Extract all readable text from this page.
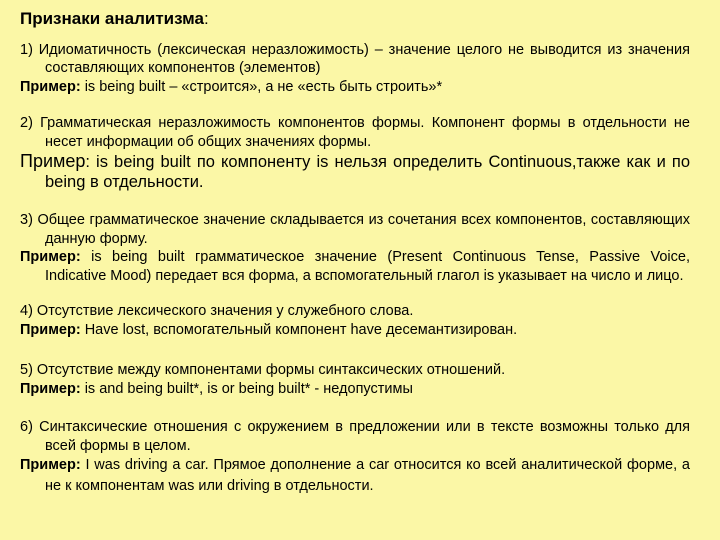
Признаки аналитизма:
1) Идиоматичность (лексическая неразложимость) – значение целого не выводится из значения составляющих компонентов (элементов)
Пример: is being built – «строится», а не «есть быть строить»*
2) Грамматическая неразложимость компонентов формы. Компонент формы в отдельности не несет информации об общих значениях формы.
Пример: is being built по компоненту is нельзя определить Continuous,также как и по being в отдельности.
3) Общее грамматическое значение складывается из сочетания всех компонентов, составляющих данную форму.
Пример: is being built грамматическое значение (Present Continuous Tense, Passive Voice, Indicative Mood) передает вся форма, а вспомогательный глагол is указывает на число и лицо.
4) Отсутствие лексического значения у служебного слова.
Пример: Have lost, вспомогательный компонент have десемантизирован.
5) Отсутствие между компонентами формы синтаксических отношений.
Пример: is and being built*, is or being built* - недопустимы
6) Синтаксические отношения с окружением в предложении или в тексте возможны только для всей формы в целом.
Пример: I was driving a car. Прямое дополнение a car относится ко всей аналитической форме, а не к компонентам was или driving в отдельности.
